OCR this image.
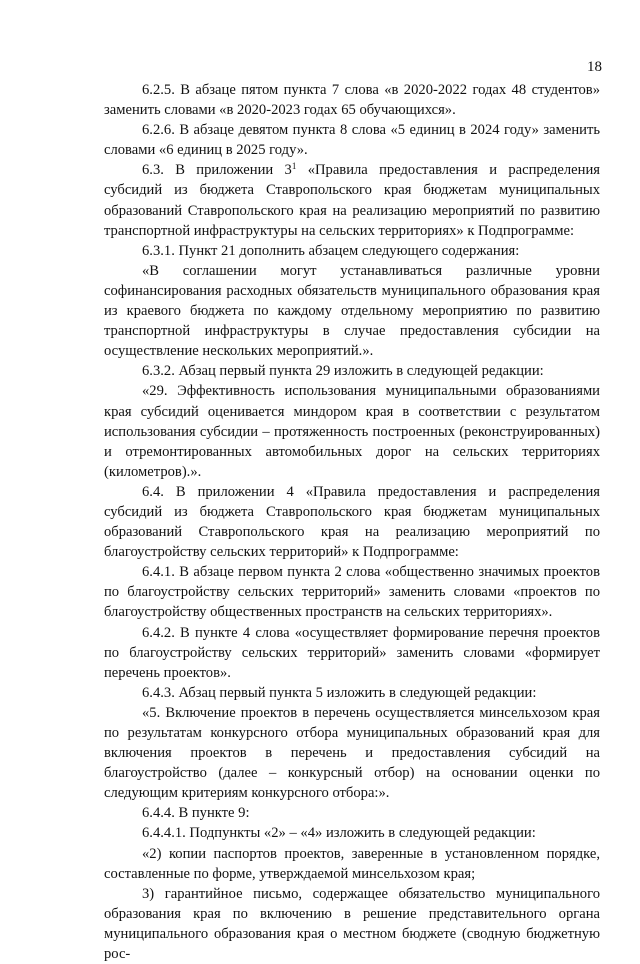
18

6.2.5. В абзаце пятом пункта 7 слова «в 2020-2022 годах 48 студентов» заменить словами «в 2020-2023 годах 65 обучающихся».

6.2.6. В абзаце девятом пункта 8 слова «5 единиц в 2024 году» заменить словами «6 единиц в 2025 году».

6.3. В приложении $3^1$ «Правила предоставления и распределения субсидий из бюджета Ставропольского края бюджетам муниципальных образований Ставропольского края на реализацию мероприятий по развитию транспортной инфраструктуры на сельских территориях» к Подпрограмме:

6.3.1. Пункт 21 дополнить абзацем следующего содержания:

«В соглашении могут устанавливаться различные уровни софинансирования расходных обязательств муниципального образования края из краевого бюджета по каждому отдельному мероприятию по развитию транспортной инфраструктуры в случае предоставления субсидии на осуществление нескольких мероприятий.».

6.3.2. Абзац первый пункта 29 изложить в следующей редакции:

«29. Эффективность использования муниципальными образованиями края субсидий оценивается миндором края в соответствии с результатом использования субсидии – протяженность построенных (реконструированных) и отремонтированных автомобильных дорог на сельских территориях (километров).».

6.4. В приложении 4 «Правила предоставления и распределения субсидий из бюджета Ставропольского края бюджетам муниципальных образований Ставропольского края на реализацию мероприятий по благоустройству сельских территорий» к Подпрограмме:

6.4.1. В абзаце первом пункта 2 слова «общественно значимых проектов по благоустройству сельских территорий» заменить словами «проектов по благоустройству общественных пространств на сельских территориях».

6.4.2. В пункте 4 слова «осуществляет формирование перечня проектов по благоустройству сельских территорий» заменить словами «формирует перечень проектов».

6.4.3. Абзац первый пункта 5 изложить в следующей редакции:

«5. Включение проектов в перечень осуществляется минсельхозом края по результатам конкурсного отбора муниципальных образований края для включения проектов в перечень и предоставления субсидий на благоустройство (далее – конкурсный отбор) на основании оценки по следующим критериям конкурсного отбора:».

6.4.4. В пункте 9:

6.4.4.1. Подпункты «2» – «4» изложить в следующей редакции:

«2) копии паспортов проектов, заверенные в установленном порядке, составленные по форме, утверждаемой минсельхозом края;

3) гарантийное письмо, содержащее обязательство муниципального образования края по включению в решение представительного органа муниципального образования края о местном бюджете (сводную бюджетную рос-
